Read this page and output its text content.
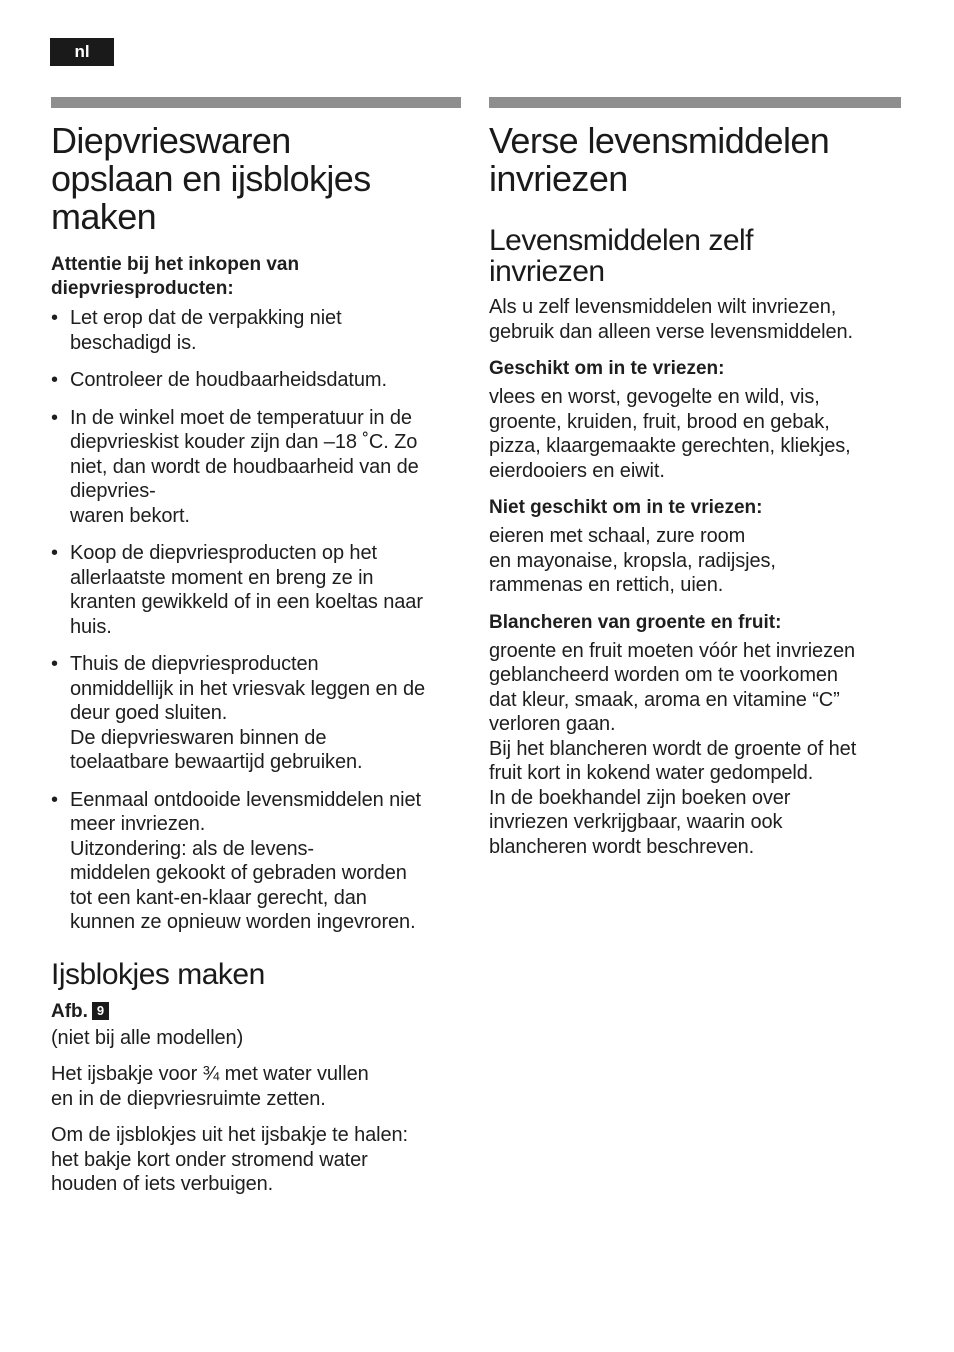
nl
Diepvrieswaren
opslaan en ijsblokjes
maken
Attentie bij het inkopen van
diepvriesproducten:
• Let erop dat de verpakking niet
beschadigd is.
• Controleer de houdbaarheidsdatum.
• In de winkel moet de temperatuur in de
diepvrieskist kouder zijn dan –18 ˚C. Zo
niet, dan wordt de houdbaarheid van de
diepvries-
waren bekort.
• Koop de diepvriesproducten op het
allerlaatste moment en breng ze in
kranten gewikkeld of in een koeltas naar
huis.
• Thuis de diepvriesproducten
onmiddellijk in het vriesvak leggen en de
deur goed sluiten.
De diepvrieswaren binnen de
toelaatbare bewaartijd gebruiken.
• Eenmaal ontdooide levensmiddelen niet
meer invriezen.
Uitzondering: als de levens-
middelen gekookt of gebraden worden
tot een kant-en-klaar gerecht, dan
kunnen ze opnieuw worden ingevroren.
Ijsblokjes maken
Afb. 9

(niet bij alle modellen)

Het ijsbakje voor ¾ met water vullen
en in de diepvriesruimte zetten.

Om de ijsblokjes uit het ijsbakje te halen:
het bakje kort onder stromend water
houden of iets verbuigen.

Verse levensmiddelen
invriezen
Levensmiddelen zelf
invriezen

Als u zelf levensmiddelen wilt invriezen,
gebruik dan alleen verse levensmiddelen.

Geschikt om in te vriezen:

vlees en worst, gevogelte en wild, vis,
groente, kruiden, fruit, brood en gebak,
pizza, klaargemaakte gerechten, kliekjes,
eierdooiers en eiwit.

Niet geschikt om in te vriezen:

eieren met schaal, zure room
en mayonaise, kropsla, radijsjes,
rammenas en rettich, uien.

Blancheren van groente en fruit:

groente en fruit moeten vóór het invriezen
geblancheerd worden om te voorkomen
dat kleur, smaak, aroma en vitamine “C”
verloren gaan.
Bij het blancheren wordt de groente of het
fruit kort in kokend water gedompeld.
In de boekhandel zijn boeken over
invriezen verkrijgbaar, waarin ook
blancheren wordt beschreven.
